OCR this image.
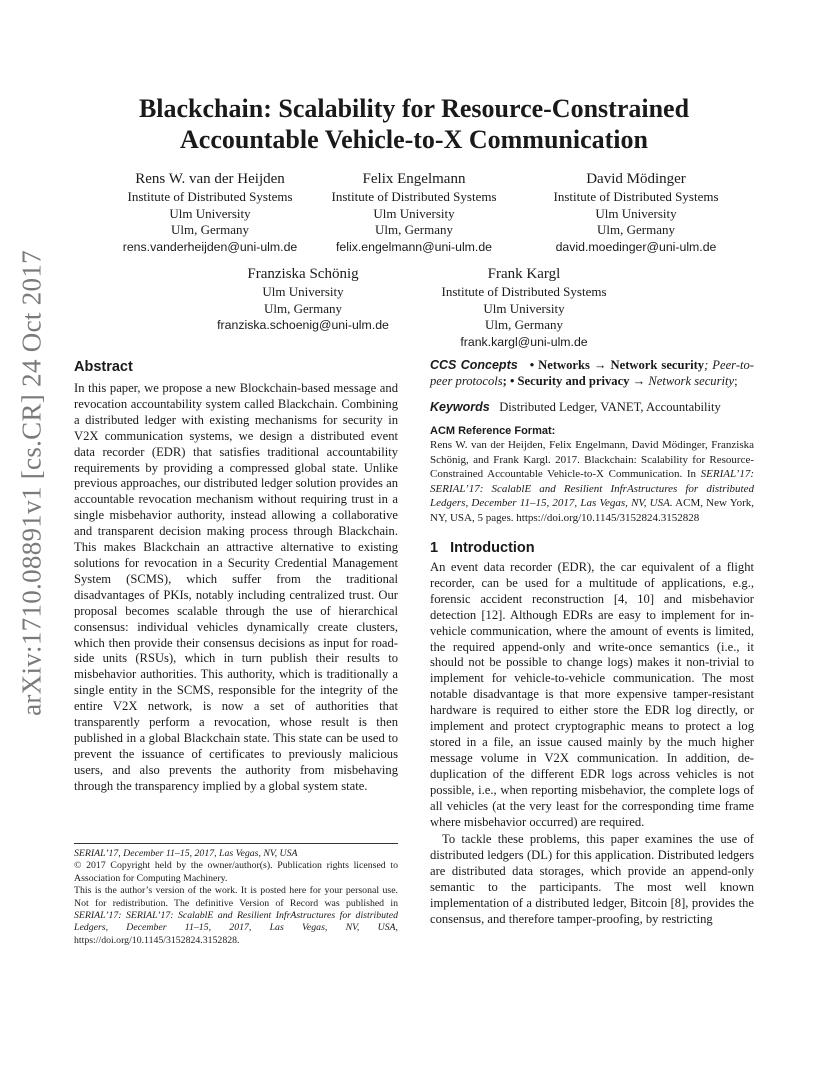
arXiv:1710.08891v1 [cs.CR] 24 Oct 2017
Blackchain: Scalability for Resource-Constrained
Accountable Vehicle-to-X Communication
Rens W. van der Heijden
Institute of Distributed Systems
Ulm University
Ulm, Germany
rens.vanderheijden@uni-ulm.de
Felix Engelmann
Institute of Distributed Systems
Ulm University
Ulm, Germany
felix.engelmann@uni-ulm.de
David Mödinger
Institute of Distributed Systems
Ulm University
Ulm, Germany
david.moedinger@uni-ulm.de
Franziska Schönig
Ulm University
Ulm, Germany
franziska.schoenig@uni-ulm.de
Frank Kargl
Institute of Distributed Systems
Ulm University
Ulm, Germany
frank.kargl@uni-ulm.de
Abstract

In this paper, we propose a new Blockchain-based message and revocation accountability system called Blackchain. Combining a distributed ledger with existing mechanisms for security in V2X communication systems, we design a distributed event data recorder (EDR) that satisfies traditional accountability requirements by providing a compressed global state. Unlike previous approaches, our distributed ledger solution provides an accountable revocation mechanism without requiring trust in a single misbehavior authority, instead allowing a collaborative and transparent decision making process through Blackchain. This makes Blackchain an attractive alternative to existing solutions for revocation in a Security Credential Management System (SCMS), which suffer from the traditional disadvantages of PKIs, notably including centralized trust. Our proposal becomes scalable through the use of hierarchical consensus: individual vehicles dynamically create clusters, which then provide their consensus decisions as input for road-side units (RSUs), which in turn publish their results to misbehavior authorities. This authority, which is traditionally a single entity in the SCMS, responsible for the integrity of the entire V2X network, is now a set of authorities that transparently perform a revocation, whose result is then published in a global Blackchain state. This state can be used to prevent the issuance of certificates to previously malicious users, and also prevents the authority from misbehaving through the transparency implied by a global system state.

SERIAL’17, December 11–15, 2017, Las Vegas, NV, USA

© 2017 Copyright held by the owner/author(s). Publication rights licensed to Association for Computing Machinery.

This is the author’s version of the work. It is posted here for your personal use. Not for redistribution. The definitive Version of Record was published in SERIAL’17: SERIAL’17: ScalablE and Resilient InfrAstructures for distributed Ledgers, December 11–15, 2017, Las Vegas, NV, USA, https://doi.org/10.1145/3152824.3152828.

CCS Concepts • Networks → Network security; Peer-to-peer protocols; • Security and privacy → Network security;

Keywords Distributed Ledger, VANET, Accountability
ACM Reference Format:
Rens W. van der Heijden, Felix Engelmann, David Mödinger, Franziska Schönig, and Frank Kargl. 2017. Blackchain: Scalability for Resource-Constrained Accountable Vehicle-to-X Communication. In SERIAL’17: SERIAL’17: ScalablE and Resilient InfrAstructures for distributed Ledgers, December 11–15, 2017, Las Vegas, NV, USA. ACM, New York, NY, USA, 5 pages. https://doi.org/10.1145/3152824.3152828
1 Introduction

An event data recorder (EDR), the car equivalent of a flight recorder, can be used for a multitude of applications, e.g., forensic accident reconstruction [4, 10] and misbehavior detection [12]. Although EDRs are easy to implement for in-vehicle communication, where the amount of events is limited, the required append-only and write-once semantics (i.e., it should not be possible to change logs) makes it non-trivial to implement for vehicle-to-vehicle communication. The most notable disadvantage is that more expensive tamper-resistant hardware is required to either store the EDR log directly, or implement and protect cryptographic means to protect a log stored in a file, an issue caused mainly by the much higher message volume in V2X communication. In addition, de-duplication of the different EDR logs across vehicles is not possible, i.e., when reporting misbehavior, the complete logs of all vehicles (at the very least for the corresponding time frame where misbehavior occurred) are required.

To tackle these problems, this paper examines the use of distributed ledgers (DL) for this application. Distributed ledgers are distributed data storages, which provide an append-only semantic to the participants. The most well known implementation of a distributed ledger, Bitcoin [8], provides the consensus, and therefore tamper-proofing, by restricting
